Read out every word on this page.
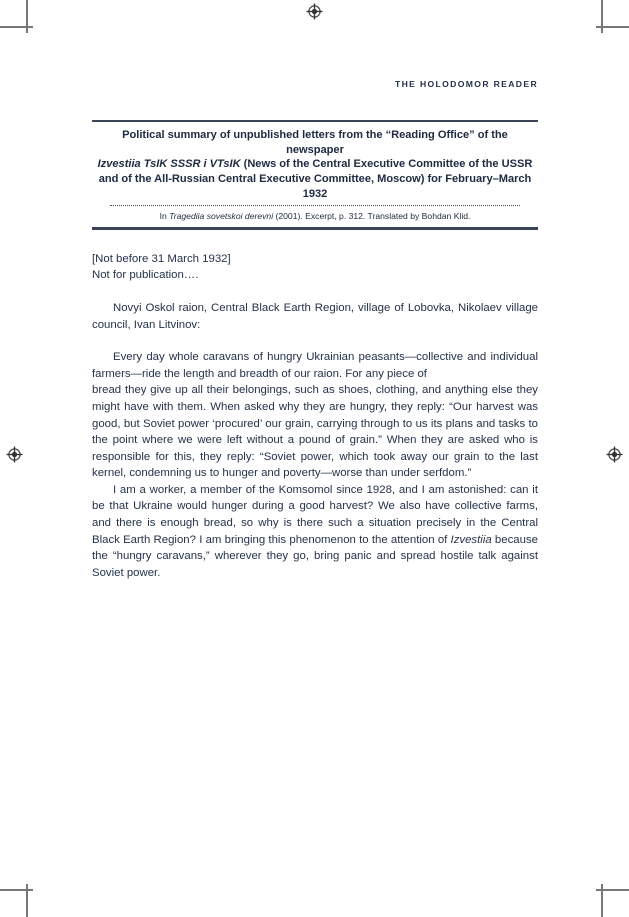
THE HOLODOMOR READER
Political summary of unpublished letters from the “Reading Office” of the newspaper
Izvestiia TsIK SSSR i VTsIK (News of the Central Executive Committee of the USSR
and of the All-Russian Central Executive Committee, Moscow) for February–March 1932
In Tragediia sovetskoi derevni (2001). Excerpt, p. 312. Translated by Bohdan Klid.

[Not before 31 March 1932]

Not for publication….

Novyi Oskol raion, Central Black Earth Region, village of Lobovka, Nikolaev village council, Ivan Litvinov:

Every day whole caravans of hungry Ukrainian peasants—collective and individual farmers—ride the length and breadth of our raion. For any piece of

bread they give up all their belongings, such as shoes, clothing, and anything else they might have with them. When asked why they are hungry, they reply: “Our harvest was good, but Soviet power ‘procured’ our grain, carrying through to us its plans and tasks to the point where we were left without a pound of grain.” When they are asked who is responsible for this, they reply: “Soviet power, which took away our grain to the last kernel, condemning us to hunger and poverty—worse than under serfdom.”

I am a worker, a member of the Komsomol since 1928, and I am astonished: can it be that Ukraine would hunger during a good harvest? We also have collective farms, and there is enough bread, so why is there such a situation precisely in the Central Black Earth Region? I am bringing this phenomenon to the attention of Izvestiia because the “hungry caravans,” wherever they go, bring panic and spread hostile talk against Soviet power.
